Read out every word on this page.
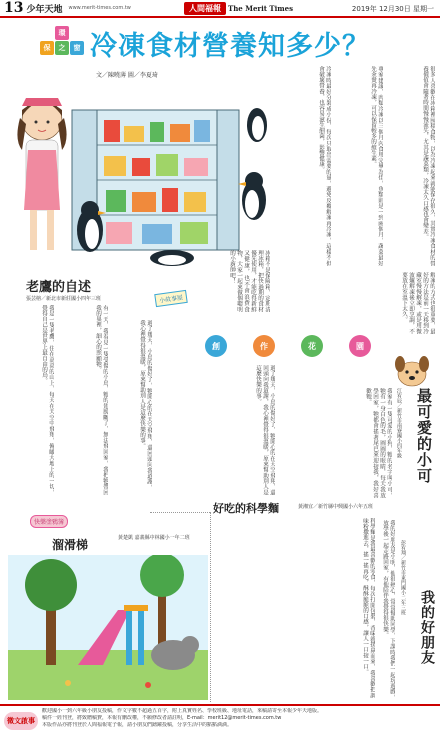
13 少年天地 www.merit-times.com.tw	人間福報	The Merit Times	2019年 12月30日 星期一
環
保	之	窗 冷凍食材營養知多少？
文／陳曉薄 圖／李夏琦	很多人喜歡在冰箱裡囤積食物，以為冷凍起來就能保存很久，其實冷凍食材的營養價值會隨著時間慢慢流失，尤其是蔬菜類，冷凍太久口感也會變差。
專家建議，肉類冷凍以三個月內食用完畢為佳，魚類則是一到兩個月，蔬菜最好先汆燙再冷凍，可以保留較多的維生素。
冷凍時最好分裝成小份，每次只取出需要的量，避免反覆解凍再冷凍，這樣不但會破壞營養，也容易滋生細菌，影響健康。
解凍的方式也很重要，最好的方法是前一天移到冷藏室慢慢解凍，或是用微波爐解凍後立即烹調，不要放在室溫下太久。
冰箱不是保險箱，定期清理冰箱，把快過期的食材優先使用，才能吃得新鮮又健康，也不會浪費食物，大家一起來做個聰明的小廚師吧！
老鷹的自述
張芸榕／新北市新莊國小四年三班	小故事屋
我是一隻老鷹，住在高高的山上，每天在天空中飛翔，俯瞰大地上的一切，覺得自己是世界上最自由的鳥。	有一天，我看見一隻受傷的小鳥，牠的翅膀斷了，無法飛回家，我把牠帶回我的巢裡，細心的照顧牠。	過了幾天，小鳥的傷好了，牠開心的在天空飛翔，還回頭向我道謝，我心裡覺得很溫暖，原來幫助別人是這麼快樂的事。	創	作	花	園
最可愛的小可
江宥辰／新竹市南寮國小四年級
我家有一隻可愛的小狗，牠的名字叫小可，牠有一身白色的毛，圓圓的眼睛，每天我放學回家，牠都會搖著尾巴來迎接我，我好喜歡牠。
過了幾天，小鳥的傷好了，牠開心的在天空飛翔，還回頭向我道謝，我心裡覺得很溫暖，原來幫助別人是這麼快樂的事。
好吃的科學麵	黃湘宜／新竹縣中興國小六年五班
科學麵是我最喜歡的零食，每次打開包裝，香味就撲鼻而來，我喜歡把調味粉撒進去，搖一搖再吃，酥酥脆脆的口感，讓人一口接一口。	我的好朋友
彭宥翔／新竹市東門國小二年三班
我的好朋友是小明，他很熱心，常常幫助同學，下課時我們一起玩遊戲，放學後一起走路回家，有他陪伴我覺得很快樂。
快樂塗鴉簿
溜滑梯	黃楚凱 嘉義縣中林國小一年二班
徵文啟事

歡迎國小一到六年級小朋友投稿，作文字數不超過五百字，附上真實姓名、學校班級、地址電話，來稿請寄至本報少年天地版。

稿件一經刊登，將致贈稿費，本報有刪改權，不願修改者請註明，E-mail：merit12@merit-times.com.tw

本版作品亦將刊登於人間福報電子報，請小朋友們踴躍投稿，分享生活中的點點滴滴。
